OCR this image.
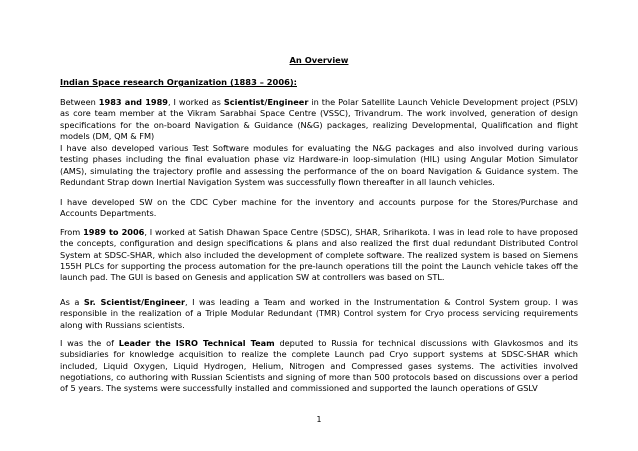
An Overview
Indian Space research Organization (1883 – 2006):

Between 1983 and 1989, I worked as Scientist/Engineer in the Polar Satellite Launch Vehicle Development project (PSLV) as core team member at the Vikram Sarabhai Space Centre (VSSC), Trivandrum. The work involved, generation of design specifications for the on-board Navigation & Guidance (N&G) packages, realizing Developmental, Qualification and flight models (DM, QM & FM)

I have also developed various Test Software modules for evaluating the N&G packages and also involved during various testing phases including the final evaluation phase viz Hardware-in loop-simulation (HIL) using Angular Motion Simulator (AMS), simulating the trajectory profile and assessing the performance of the on board Navigation & Guidance system. The Redundant Strap down Inertial Navigation System was successfully flown thereafter in all launch vehicles.

I have developed SW on the CDC Cyber machine for the inventory and accounts purpose for the Stores/Purchase and Accounts Departments.

From 1989 to 2006, I worked at Satish Dhawan Space Centre (SDSC), SHAR, Sriharikota. I was in lead role to have proposed the concepts, configuration and design specifications & plans and also realized the first dual redundant Distributed Control System at SDSC-SHAR, which also included the development of complete software. The realized system is based on Siemens 155H PLCs for supporting the process automation for the pre-launch operations till the point the Launch vehicle takes off the launch pad. The GUI is based on Genesis and application SW at controllers was based on STL.

As a Sr. Scientist/Engineer, I was leading a Team and worked in the Instrumentation & Control System group. I was responsible in the realization of a Triple Modular Redundant (TMR) Control system for Cryo process servicing requirements along with Russians scientists.

I was the of Leader the ISRO Technical Team deputed to Russia for technical discussions with Glavkosmos and its subsidiaries for knowledge acquisition to realize the complete Launch pad Cryo support systems at SDSC-SHAR which included, Liquid Oxygen, Liquid Hydrogen, Helium, Nitrogen and Compressed gases systems. The activities involved negotiations, co authoring with Russian Scientists and signing of more than 500 protocols based on discussions over a period of 5 years. The systems were successfully installed and commissioned and supported the launch operations of GSLV

1
